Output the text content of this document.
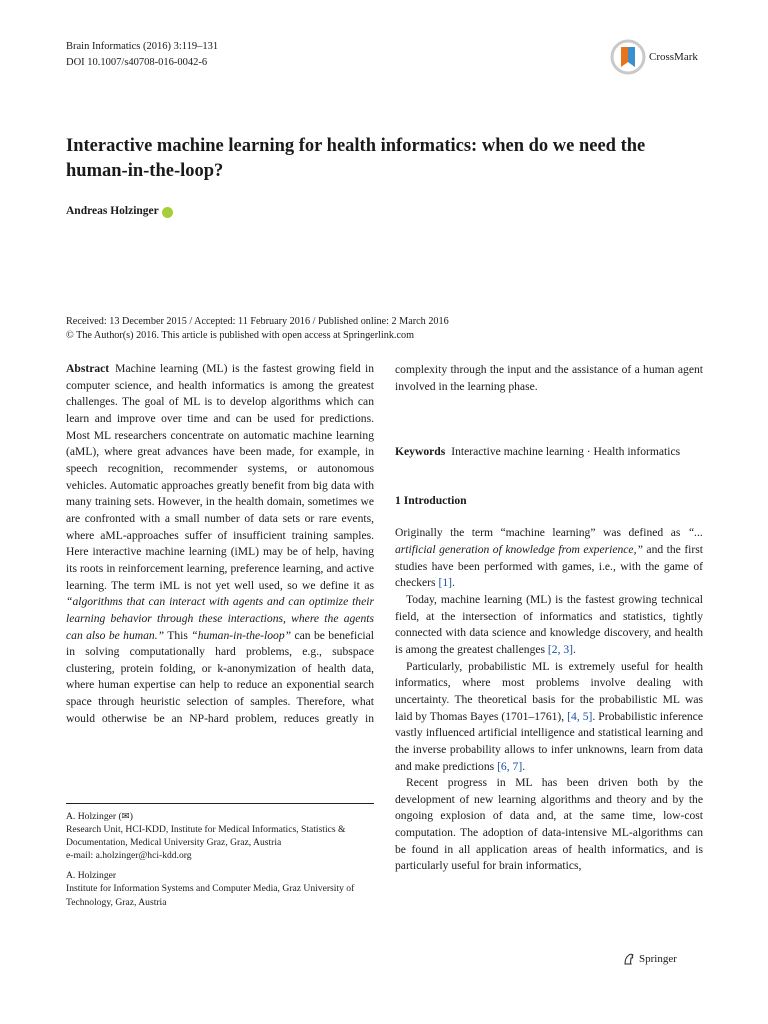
Brain Informatics (2016) 3:119–131
DOI 10.1007/s40708-016-0042-6	CrossMark
Interactive machine learning for health informatics: when do we need the human-in-the-loop?
Andreas Holzinger
Received: 13 December 2015 / Accepted: 11 February 2016 / Published online: 2 March 2016
© The Author(s) 2016. This article is published with open access at Springerlink.com

Abstract Machine learning (ML) is the fastest growing field in computer science, and health informatics is among the greatest challenges. The goal of ML is to develop algorithms which can learn and improve over time and can be used for predictions. Most ML researchers concentrate on automatic machine learning (aML), where great advances have been made, for example, in speech recognition, recommender systems, or autonomous vehicles. Automatic approaches greatly benefit from big data with many training sets. However, in the health domain, sometimes we are confronted with a small number of data sets or rare events, where aML-approaches suffer of insufficient training samples. Here interactive machine learning (iML) may be of help, having its roots in reinforcement learning, preference learning, and active learning. The term iML is not yet well used, so we define it as “algorithms that can interact with agents and can optimize their learning behavior through these interactions, where the agents can also be human.” This “human-in-the-loop” can be beneficial in solving computationally hard problems, e.g., subspace clustering, protein folding, or k-anonymization of health data, where human expertise can help to reduce an exponential search space through heuristic selection of samples. Therefore, what would otherwise be an NP-hard problem, reduces greatly in

complexity through the input and the assistance of a human agent involved in the learning phase.

Keywords Interactive machine learning · Health informatics

1 Introduction

Originally the term “machine learning” was defined as “... artificial generation of knowledge from experience,” and the first studies have been performed with games, i.e., with the game of checkers [1].

Today, machine learning (ML) is the fastest growing technical field, at the intersection of informatics and statistics, tightly connected with data science and knowledge discovery, and health is among the greatest challenges [2, 3].

Particularly, probabilistic ML is extremely useful for health informatics, where most problems involve dealing with uncertainty. The theoretical basis for the probabilistic ML was laid by Thomas Bayes (1701–1761), [4, 5]. Probabilistic inference vastly influenced artificial intelligence and statistical learning and the inverse probability allows to infer unknowns, learn from data and make predictions [6, 7].

Recent progress in ML has been driven both by the development of new learning algorithms and theory and by the ongoing explosion of data and, at the same time, low-cost computation. The adoption of data-intensive ML-algorithms can be found in all application areas of health informatics, and is particularly useful for brain informatics,

A. Holzinger (✉)
Research Unit, HCI-KDD, Institute for Medical Informatics, Statistics & Documentation, Medical University Graz, Graz, Austria
e-mail: a.holzinger@hci-kdd.org

A. Holzinger
Institute for Information Systems and Computer Media, Graz University of Technology, Graz, Austria

Springer
